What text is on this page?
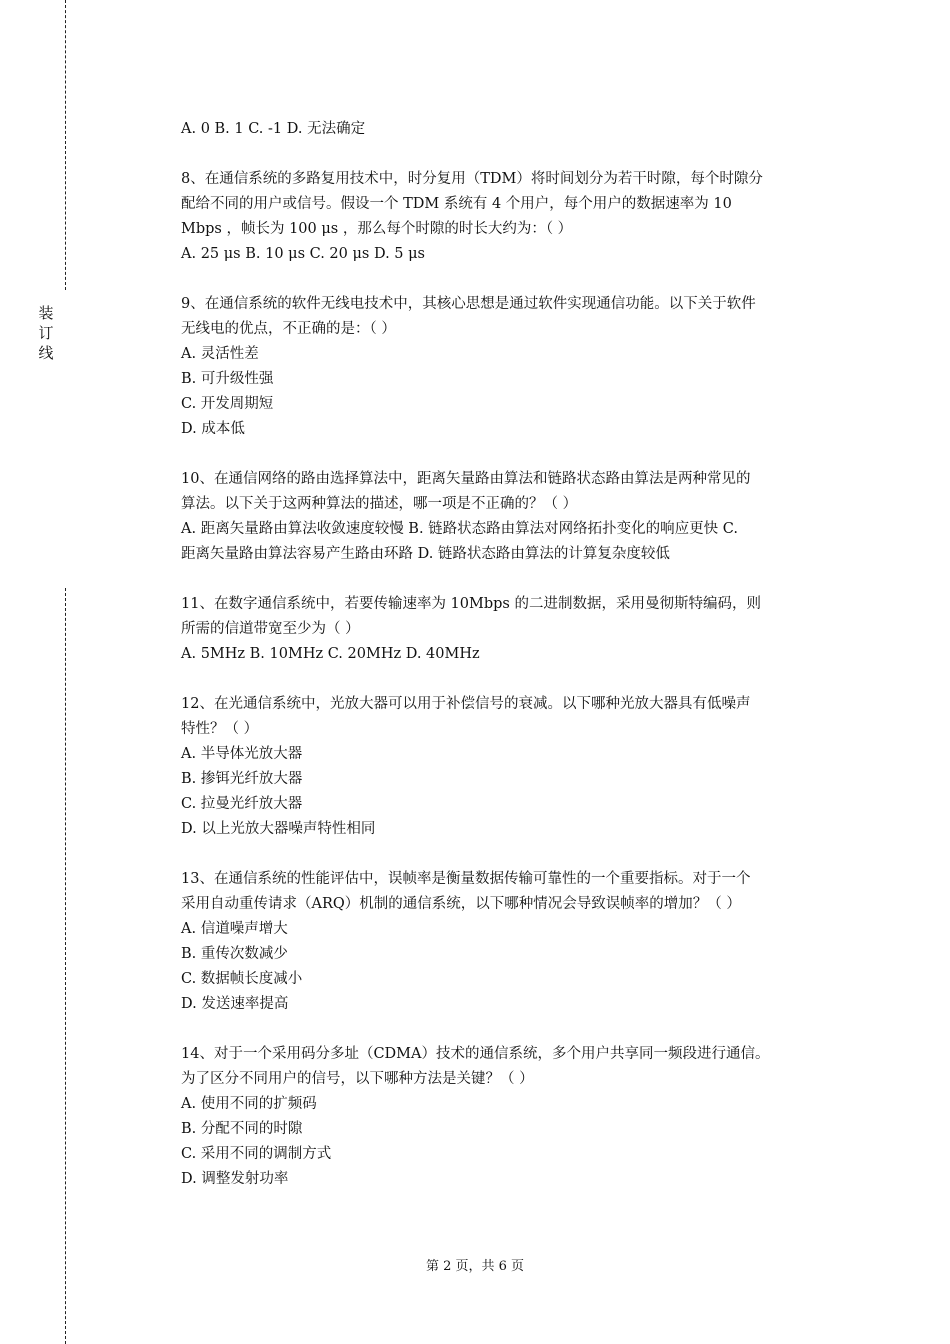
装
订
线
A. 0 B. 1 C. -1 D. 无法确定
8、在通信系统的多路复用技术中，时分复用（TDM）将时间划分为若干时隙，每个时隙分
配给不同的用户或信号。假设一个 TDM 系统有 4 个用户，每个用户的数据速率为 10
Mbps ，帧长为 100 μs ，那么每个时隙的时长大约为：（ ）
A. 25 μs B. 10 μs C. 20 μs D. 5 μs
9、在通信系统的软件无线电技术中，其核心思想是通过软件实现通信功能。以下关于软件
无线电的优点，不正确的是：（ ）
A. 灵活性差
B. 可升级性强
C. 开发周期短
D. 成本低
10、在通信网络的路由选择算法中，距离矢量路由算法和链路状态路由算法是两种常见的
算法。以下关于这两种算法的描述，哪一项是不正确的？（ ）
A. 距离矢量路由算法收敛速度较慢 B. 链路状态路由算法对网络拓扑变化的响应更快 C.
距离矢量路由算法容易产生路由环路 D. 链路状态路由算法的计算复杂度较低
11、在数字通信系统中，若要传输速率为 10Mbps 的二进制数据，采用曼彻斯特编码，则
所需的信道带宽至少为（ ）
A. 5MHz B. 10MHz C. 20MHz D. 40MHz
12、在光通信系统中，光放大器可以用于补偿信号的衰减。以下哪种光放大器具有低噪声
特性？（ ）
A. 半导体光放大器
B. 掺铒光纤放大器
C. 拉曼光纤放大器
D. 以上光放大器噪声特性相同
13、在通信系统的性能评估中，误帧率是衡量数据传输可靠性的一个重要指标。对于一个
采用自动重传请求（ARQ）机制的通信系统，以下哪种情况会导致误帧率的增加？（ ）
A. 信道噪声增大
B. 重传次数减少
C. 数据帧长度减小
D. 发送速率提高
14、对于一个采用码分多址（CDMA）技术的通信系统，多个用户共享同一频段进行通信。
为了区分不同用户的信号，以下哪种方法是关键？（ ）
A. 使用不同的扩频码
B. 分配不同的时隙
C. 采用不同的调制方式
D. 调整发射功率
第 2 页，共 6 页
